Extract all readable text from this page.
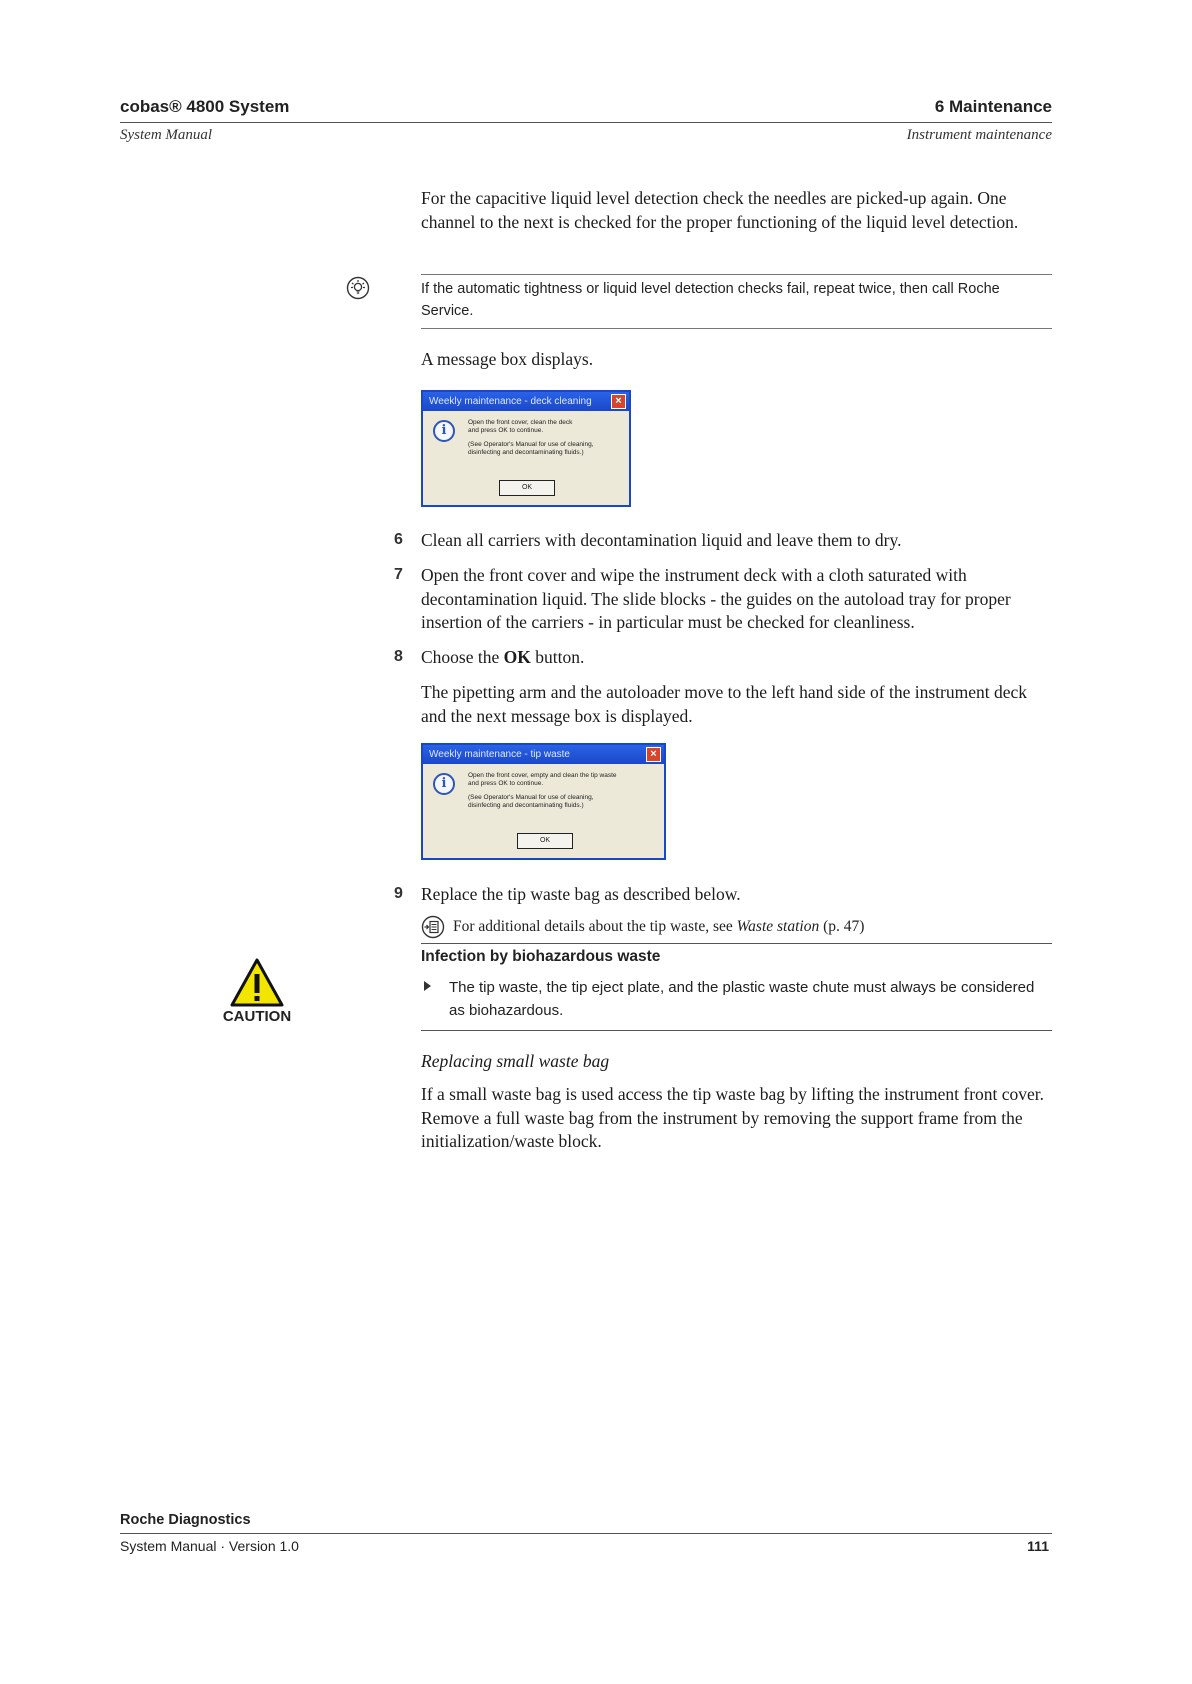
cobas® 4800 System	6 Maintenance
System Manual	Instrument maintenance
For the capacitive liquid level detection check the needles are picked-up again. One channel to the next is checked for the proper functioning of the liquid level detection.
If the automatic tightness or liquid level detection checks fail, repeat twice, then call Roche Service.
A message box displays.
Weekly maintenance - deck cleaning	×
i
Open the front cover, clean the deck
and press OK to continue.
(See Operator's Manual for use of cleaning,
disinfecting and decontaminating fluids.)
OK
6 Clean all carriers with decontamination liquid and leave them to dry.
7 Open the front cover and wipe the instrument deck with a cloth saturated with decontamination liquid. The slide blocks - the guides on the autoload tray for proper insertion of the carriers - in particular must be checked for cleanliness.
8 Choose the OK button.
The pipetting arm and the autoloader move to the left hand side of the instrument deck and the next message box is displayed.
Weekly maintenance - tip waste	×
i
Open the front cover, empty and clean the tip waste
and press OK to continue.
(See Operator's Manual for use of cleaning,
disinfecting and decontaminating fluids.)
OK
9 Replace the tip waste bag as described below.
For additional details about the tip waste, see Waste station (p. 47)
CAUTION
Infection by biohazardous waste
The tip waste, the tip eject plate, and the plastic waste chute must always be considered as biohazardous.
Replacing small waste bag
If a small waste bag is used access the tip waste bag by lifting the instrument front cover. Remove a full waste bag from the instrument by removing the support frame from the initialization/waste block.
Roche Diagnostics
System Manual · Version 1.0	111
